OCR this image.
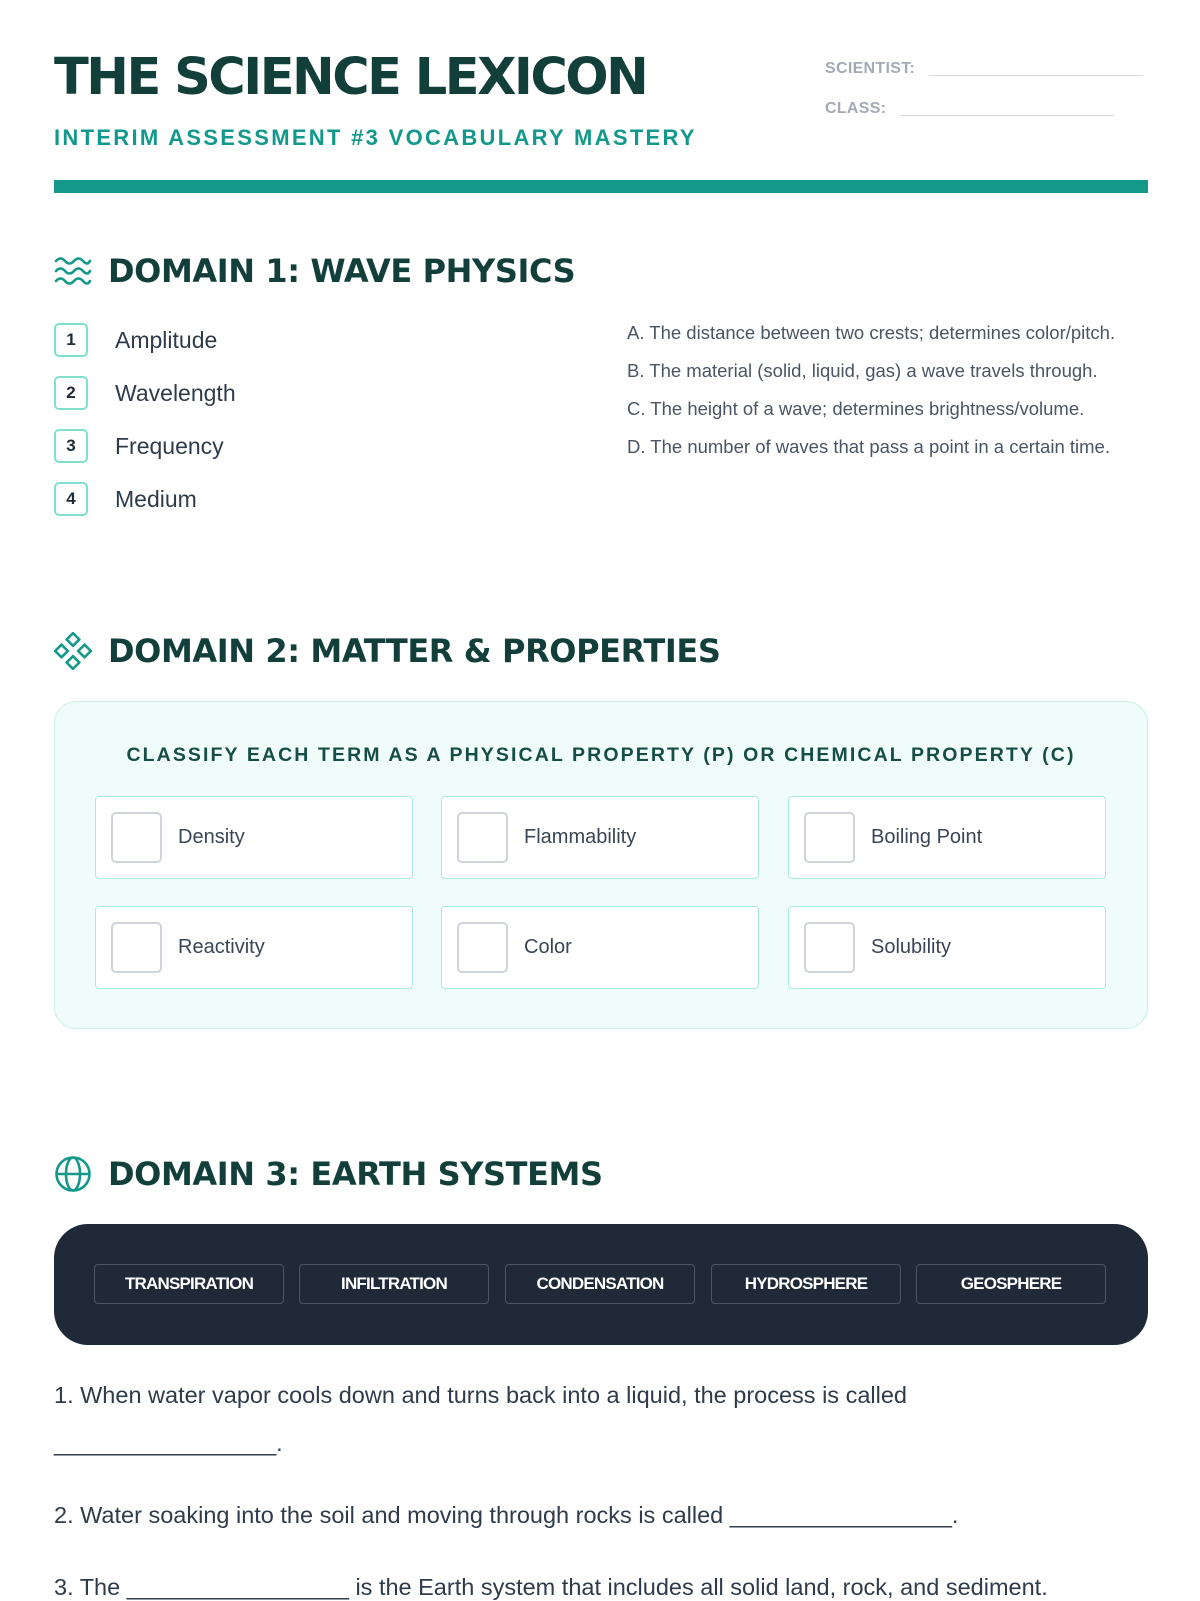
THE SCIENCE LEXICON
INTERIM ASSESSMENT #3 VOCABULARY MASTERY
SCIENTIST:
CLASS:
DOMAIN 1: WAVE PHYSICS
1	Amplitude
2	Wavelength
3	Frequency
4	Medium
A. The distance between two crests; determines color/pitch.
B. The material (solid, liquid, gas) a wave travels through.
C. The height of a wave; determines brightness/volume.
D. The number of waves that pass a point in a certain time.
DOMAIN 2: MATTER & PROPERTIES
CLASSIFY EACH TERM AS A PHYSICAL PROPERTY (P) OR CHEMICAL PROPERTY (C)
Density	Flammability	Boiling Point
Reactivity	Color	Solubility
DOMAIN 3: EARTH SYSTEMS
TRANSPIRATION	INFILTRATION	CONDENSATION	HYDROSPHERE	GEOSPHERE
1. When water vapor cools down and turns back into a liquid, the process is called
_________________.
2. Water soaking into the soil and moving through rocks is called _________________.
3. The _________________ is the Earth system that includes all solid land, rock, and sediment.
